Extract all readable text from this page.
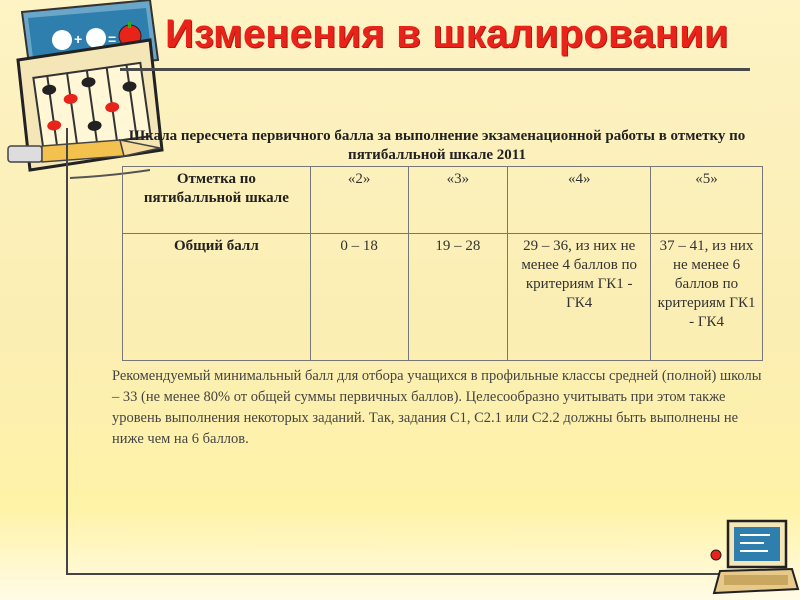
+ = Изменения в шкалировании
Шкала пересчета первичного балла за выполнение экзаменационной работы в отметку по пятибалльной шкале 2011
Отметка по пятибалльной шкале	«2»	«3»	«4»	«5»
Общий балл	0 – 18	19 – 28	29 – 36, из них не менее 4 баллов по критериям ГК1 - ГК4	37 – 41, из них не менее 6 баллов по критериям ГК1 - ГК4
Рекомендуемый минимальный балл для отбора учащихся в профильные классы средней (полной) школы – 33 (не менее 80% от общей суммы первичных баллов). Целесообразно учитывать при этом также уровень выполнения некоторых заданий. Так, задания С1, С2.1 или С2.2 должны быть выполнены не ниже чем на 6 баллов.
